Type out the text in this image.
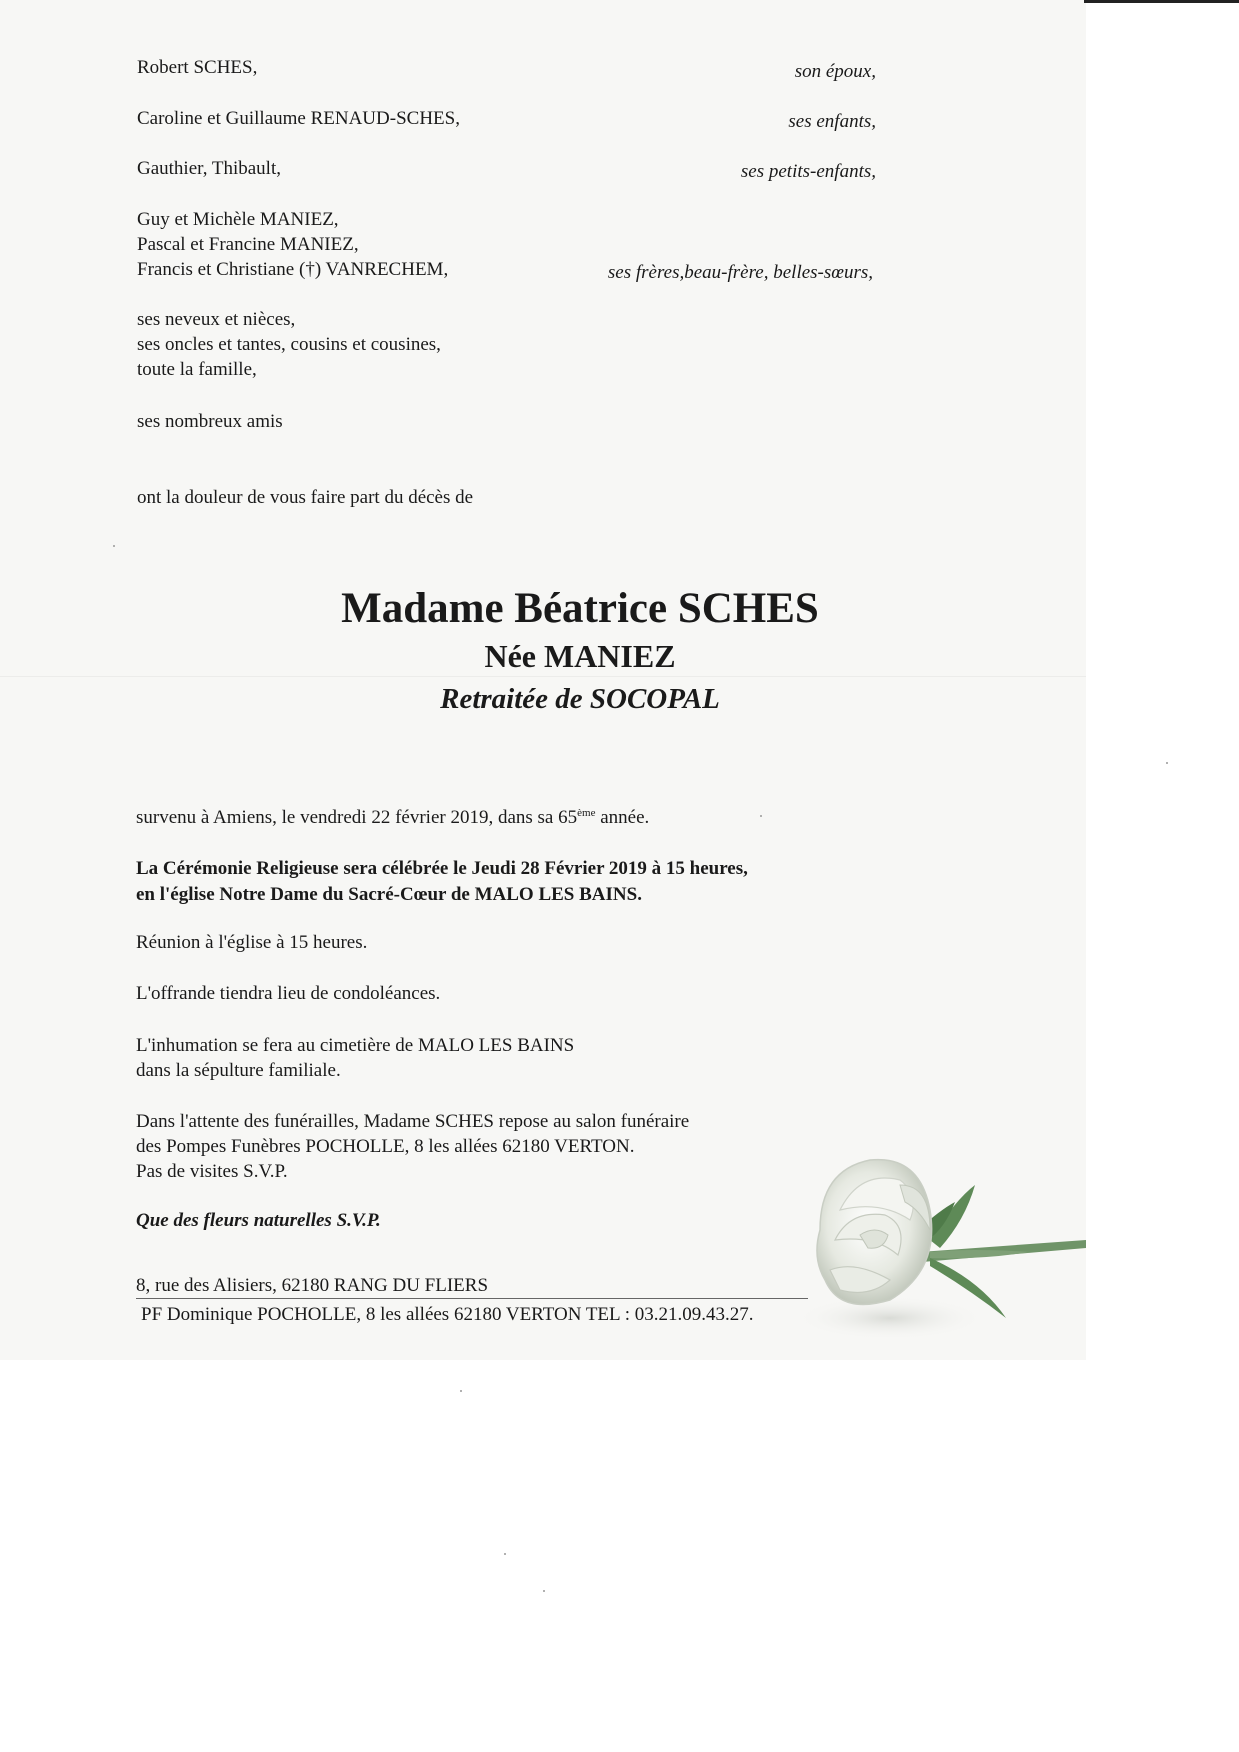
Robert SCHES,	son époux,
Caroline et Guillaume RENAUD-SCHES,	ses enfants,
Gauthier, Thibault,	ses petits-enfants,
Guy et Michèle MANIEZ,
Pascal et Francine MANIEZ,
Francis et Christiane (†) VANRECHEM,	ses frères,beau-frère, belles-sœurs,
ses neveux et nièces,
ses oncles et tantes, cousins et cousines,
toute la famille,
ses nombreux amis
ont la douleur de vous faire part du décès de
Madame Béatrice SCHES
Née MANIEZ
Retraitée de SOCOPAL
survenu à Amiens, le vendredi 22 février 2019, dans sa 65ème année.
La Cérémonie Religieuse sera célébrée le Jeudi 28 Février 2019 à 15 heures,
en l'église Notre Dame du Sacré-Cœur de MALO LES BAINS.
Réunion à l'église à 15 heures.
L'offrande tiendra lieu de condoléances.
L'inhumation se fera au cimetière de MALO LES BAINS
dans la sépulture familiale.
Dans l'attente des funérailles, Madame SCHES repose au salon funéraire
des Pompes Funèbres POCHOLLE, 8 les allées 62180 VERTON.
Pas de visites S.V.P.
Que des fleurs naturelles S.V.P.
8, rue des Alisiers, 62180 RANG DU FLIERS
PF Dominique POCHOLLE, 8 les allées 62180 VERTON TEL : 03.21.09.43.27.
